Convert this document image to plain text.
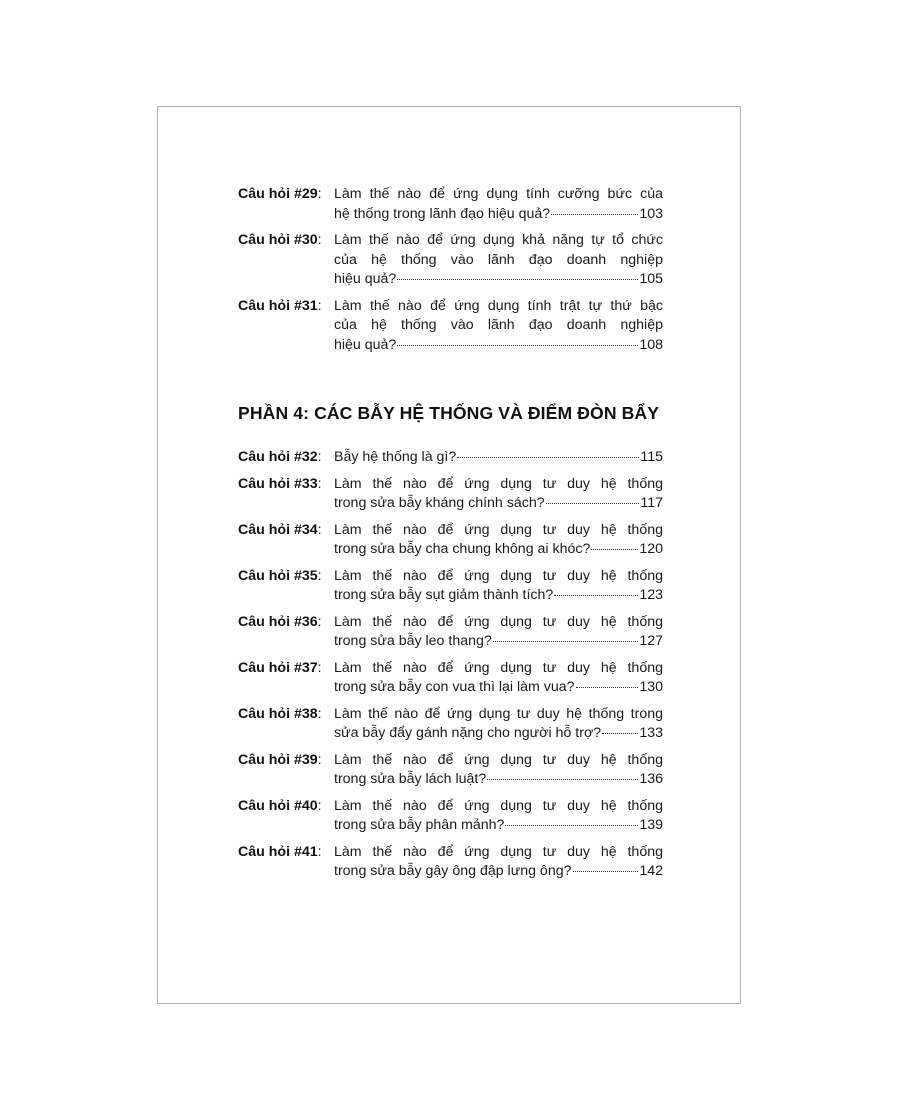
Câu hỏi #29: Làm thế nào để ứng dụng tính cưỡng bức của
hệ thống trong lãnh đạo hiệu quả?	103
Câu hỏi #30: Làm thế nào để ứng dụng khả năng tự tổ chức
của hệ thống vào lãnh đạo doanh nghiệp
hiệu quả?	105
Câu hỏi #31: Làm thế nào để ứng dụng tính trật tự thứ bậc
của hệ thống vào lãnh đạo doanh nghiệp
hiệu quả?	108
PHẦN 4: CÁC BẪY HỆ THỐNG VÀ ĐIỂM ĐÒN BẨY
Câu hỏi #32: Bẫy hệ thống là gì?	115
Câu hỏi #33: Làm thế nào để ứng dụng tư duy hệ thống
trong sửa bẫy kháng chính sách?	117
Câu hỏi #34: Làm thế nào để ứng dụng tư duy hệ thống
trong sửa bẫy cha chung không ai khóc?	120
Câu hỏi #35: Làm thế nào để ứng dụng tư duy hệ thống
trong sửa bẫy sụt giảm thành tích?	123
Câu hỏi #36: Làm thế nào để ứng dụng tư duy hệ thống
trong sửa bẫy leo thang?	127
Câu hỏi #37: Làm thế nào để ứng dụng tư duy hệ thống
trong sửa bẫy con vua thì lại làm vua?	130
Câu hỏi #38: Làm thế nào để ứng dụng tư duy hệ thống trong
sửa bẫy đẩy gánh nặng cho người hỗ trợ?	133
Câu hỏi #39: Làm thế nào để ứng dụng tư duy hệ thống
trong sửa bẫy lách luật?	136
Câu hỏi #40: Làm thế nào để ứng dụng tư duy hệ thống
trong sửa bẫy phân mảnh?	139
Câu hỏi #41: Làm thế nào để ứng dụng tư duy hệ thống
trong sửa bẫy gậy ông đập lưng ông?	142
